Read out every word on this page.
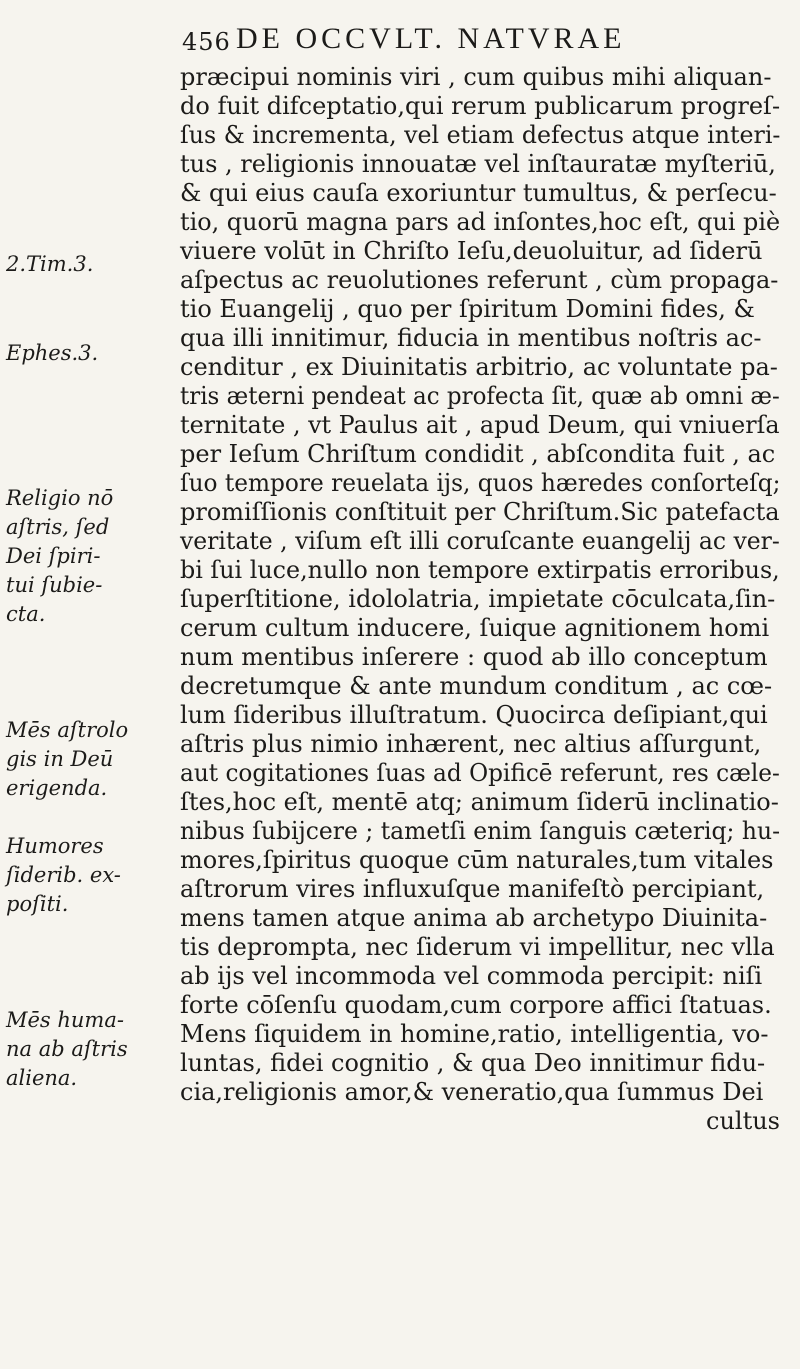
456 DE OCCVLT. NATVRAE
præcipui nominis viri , cum quibus mihi aliquan-
do fuit difceptatio,qui rerum publicarum progreſ-
ſus & incrementa, vel etiam defectus atque interi-
tus , religionis innouatæ vel inſtauratæ myſteriū,
& qui eius cauſa exoriuntur tumultus, & perſecu-
tio, quorū magna pars ad inſontes,hoc eſt, qui piè
viuere volūt in Chriſto Ieſu,deuoluitur, ad ſiderū
aſpectus ac reuolutiones referunt , cùm propaga-
tio Euangelij , quo per ſpiritum Domini fides, &
qua illi innitimur, fiducia in mentibus noſtris ac-
cenditur , ex Diuinitatis arbitrio, ac voluntate pa-
tris æterni pendeat ac profecta ſit, quæ ab omni æ-
ternitate , vt Paulus ait , apud Deum, qui vniuerſa
per Ieſum Chriſtum condidit , abſcondita fuit , ac
ſuo tempore reuelata ijs, quos hæredes conſorteſq;
promiſſionis conſtituit per Chriſtum.Sic patefacta
veritate , viſum eſt illi coruſcante euangelij ac ver-
bi ſui luce,nullo non tempore extirpatis erroribus,
ſuperſtitione, idololatria, impietate cōculcata,ſin-
cerum cultum inducere, ſuique agnitionem homi
num mentibus inſerere : quod ab illo conceptum
decretumque & ante mundum conditum , ac cœ-
lum ſideribus illuſtratum. Quocirca deſipiant,qui
aſtris plus nimio inhærent, nec altius aſſurgunt,
aut cogitationes ſuas ad Opificē referunt, res cæle-
ſtes,hoc eſt, mentē atq; animum ſiderū inclinatio-
nibus ſubijcere ; tametſi enim ſanguis cæteriq; hu-
mores,ſpiritus quoque cūm naturales,tum vitales
aſtrorum vires influxuſque manifeſtò percipiant,
mens tamen atque anima ab archetypo Diuinita-
tis deprompta, nec ſiderum vi impellitur, nec vlla
ab ijs vel incommoda vel commoda percipit: niſi
forte cōſenſu quodam,cum corpore affici ſtatuas.
Mens ſiquidem in homine,ratio, intelligentia, vo-
luntas, fidei cognitio , & qua Deo innitimur fidu-
cia,religionis amor,& veneratio,qua ſummus Dei
cultus
2.Tim.3.
Ephes.3.
Religio nō
aſtris, ſed
Dei ſpiri-
tui ſubie-
cta.
Mēs aſtrolo
gis in Deū
erigenda.
Humores
ſiderib. ex-
poſiti.
Mēs huma-
na ab aſtris
aliena.
